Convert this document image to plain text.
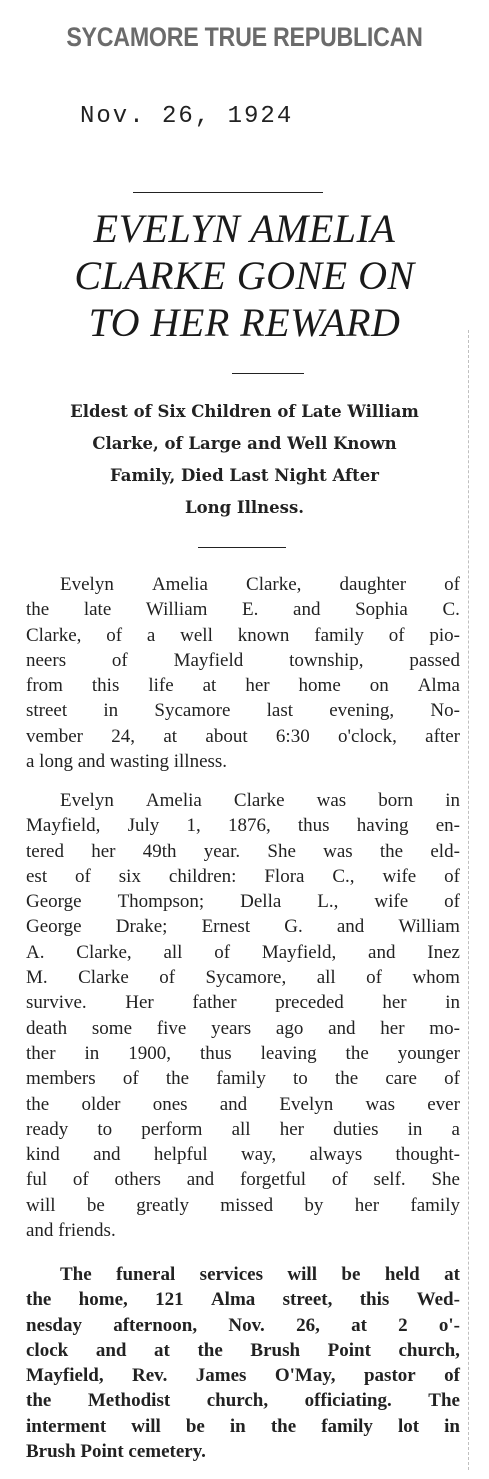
SYCAMORE TRUE REPUBLICAN
Nov. 26, 1924
EVELYN AMELIA
CLARKE GONE ON
TO HER REWARD
Eldest of Six Children of Late William
Clarke, of Large and Well Known
Family, Died Last Night After
Long Illness.
Evelyn Amelia Clarke, daughter of
the late William E. and Sophia C.
Clarke, of a well known family of pio-
neers of Mayfield township, passed
from this life at her home on Alma
street in Sycamore last evening, No-
vember 24, at about 6:30 o'clock, after
a long and wasting illness.
Evelyn Amelia Clarke was born in
Mayfield, July 1, 1876, thus having en-
tered her 49th year. She was the eld-
est of six children: Flora C., wife of
George Thompson; Della L., wife of
George Drake; Ernest G. and William
A. Clarke, all of Mayfield, and Inez
M. Clarke of Sycamore, all of whom
survive. Her father preceded her in
death some five years ago and her mo-
ther in 1900, thus leaving the younger
members of the family to the care of
the older ones and Evelyn was ever
ready to perform all her duties in a
kind and helpful way, always thought-
ful of others and forgetful of self. She
will be greatly missed by her family
and friends.
The funeral services will be held at
the home, 121 Alma street, this Wed-
nesday afternoon, Nov. 26, at 2 o'-
clock and at the Brush Point church,
Mayfield, Rev. James O'May, pastor of
the Methodist church, officiating. The
interment will be in the family lot in
Brush Point cemetery.
